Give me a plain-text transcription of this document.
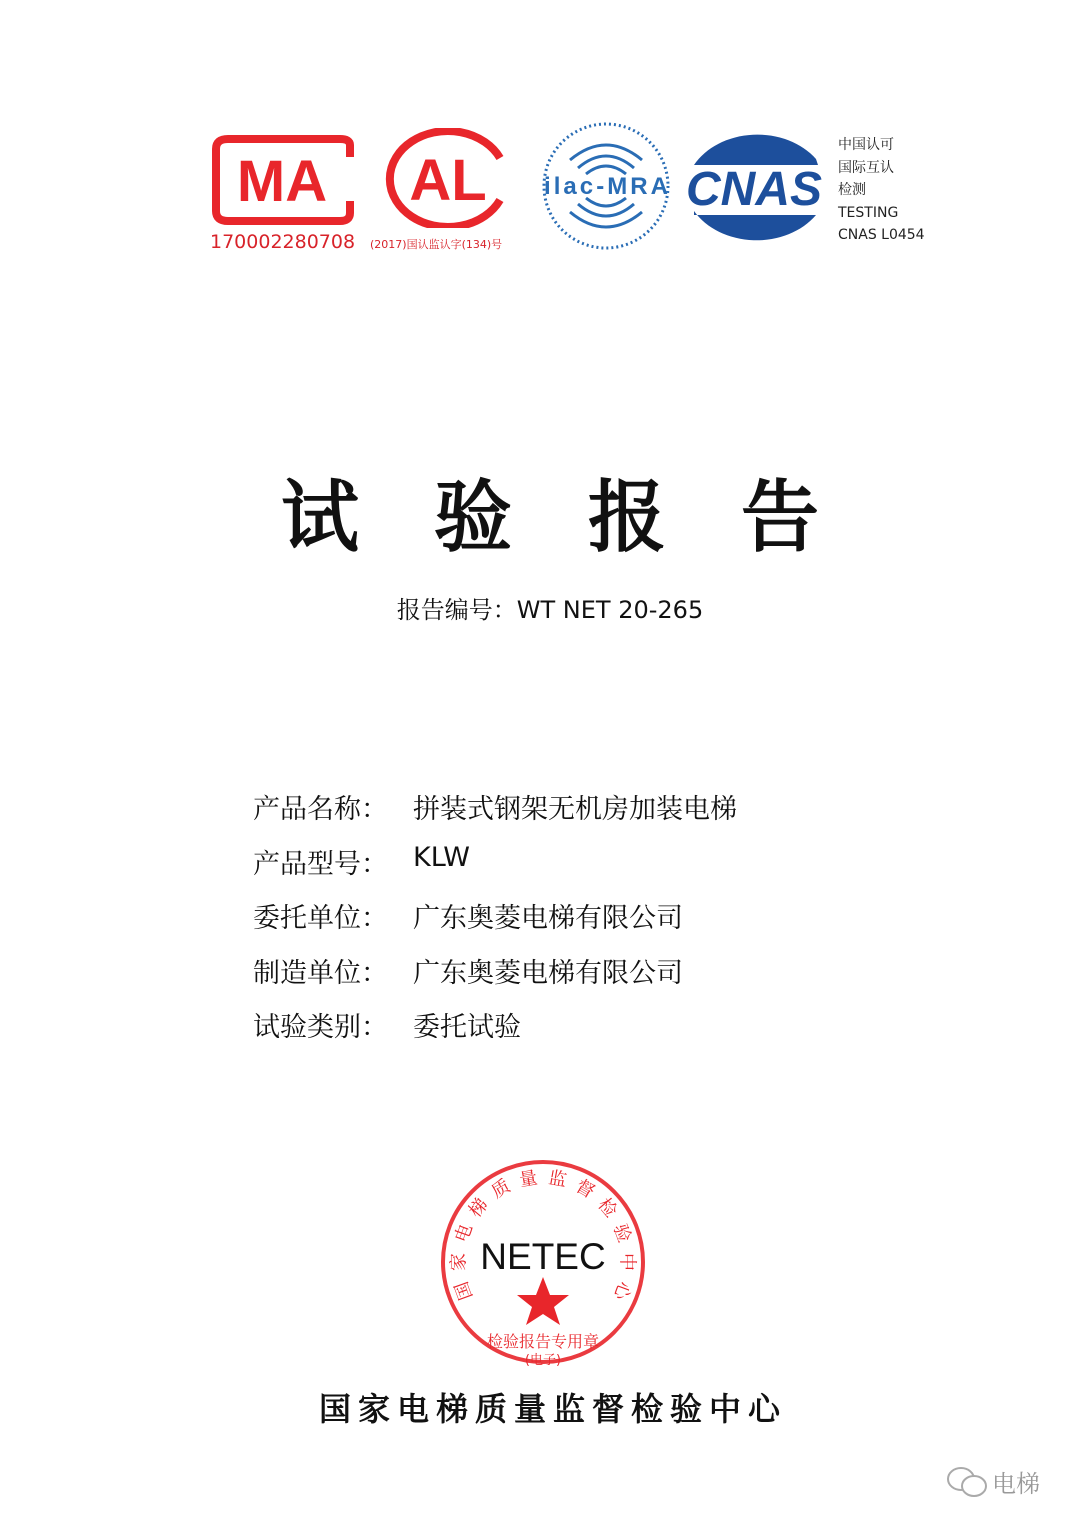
MA
170002280708
AL
(2017)国认监认字(134)号
ilac-MRA CNAS
中国认可
国际互认
检测
TESTING
CNAS L0454
试 验 报 告
报告编号：WT NET 20-265
产品名称： 拼装式钢架无机房加装电梯
产品型号： KLW
委托单位： 广东奥菱电梯有限公司
制造单位： 广东奥菱电梯有限公司
试验类别： 委托试验
国
家
电
梯
质 量 监 督
检
验
中
心
检验报告专用章
(电子)
NETEC
国家电梯质量监督检验中心
电梯
